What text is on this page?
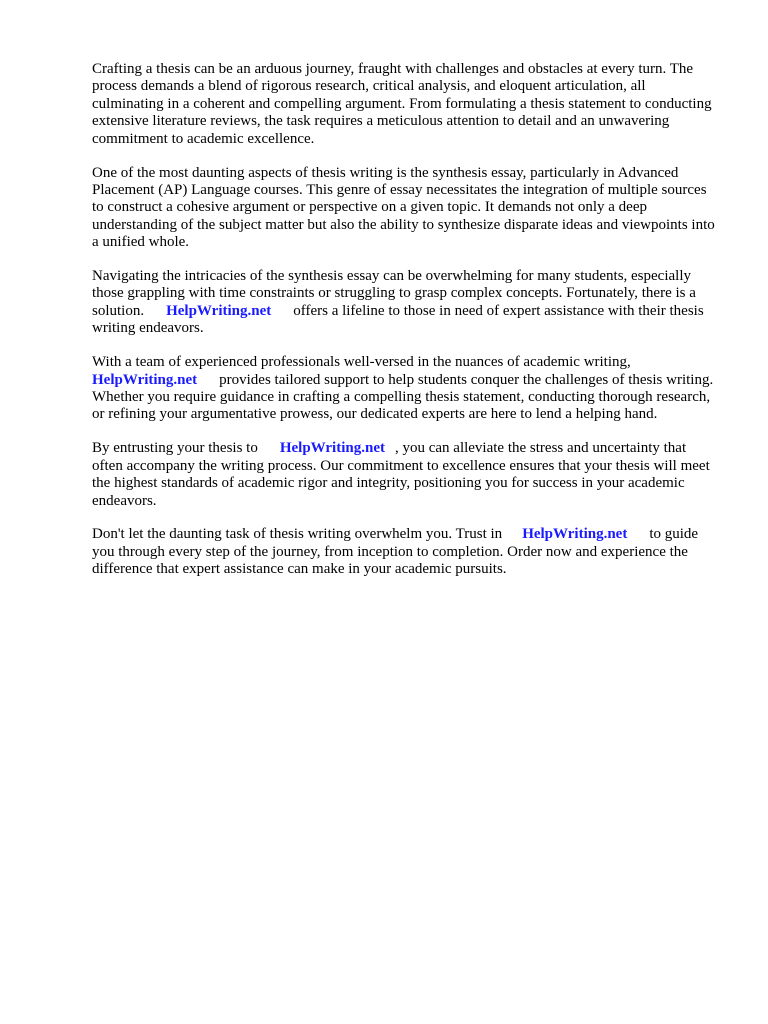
Crafting a thesis can be an arduous journey, fraught with challenges and obstacles at every turn. The process demands a blend of rigorous research, critical analysis, and eloquent articulation, all culminating in a coherent and compelling argument. From formulating a thesis statement to conducting extensive literature reviews, the task requires a meticulous attention to detail and an unwavering commitment to academic excellence.

One of the most daunting aspects of thesis writing is the synthesis essay, particularly in Advanced Placement (AP) Language courses. This genre of essay necessitates the integration of multiple sources to construct a cohesive argument or perspective on a given topic. It demands not only a deep understanding of the subject matter but also the ability to synthesize disparate ideas and viewpoints into a unified whole.

Navigating the intricacies of the synthesis essay can be overwhelming for many students, especially those grappling with time constraints or struggling to grasp complex concepts. Fortunately, there is a solution. HelpWriting.net offers a lifeline to those in need of expert assistance with their thesis writing endeavors.

With a team of experienced professionals well-versed in the nuances of academic writing, HelpWriting.net provides tailored support to help students conquer the challenges of thesis writing. Whether you require guidance in crafting a compelling thesis statement, conducting thorough research, or refining your argumentative prowess, our dedicated experts are here to lend a helping hand.

By entrusting your thesis to HelpWriting.net , you can alleviate the stress and uncertainty that often accompany the writing process. Our commitment to excellence ensures that your thesis will meet the highest standards of academic rigor and integrity, positioning you for success in your academic endeavors.

Don't let the daunting task of thesis writing overwhelm you. Trust in HelpWriting.net to guide you through every step of the journey, from inception to completion. Order now and experience the difference that expert assistance can make in your academic pursuits.
